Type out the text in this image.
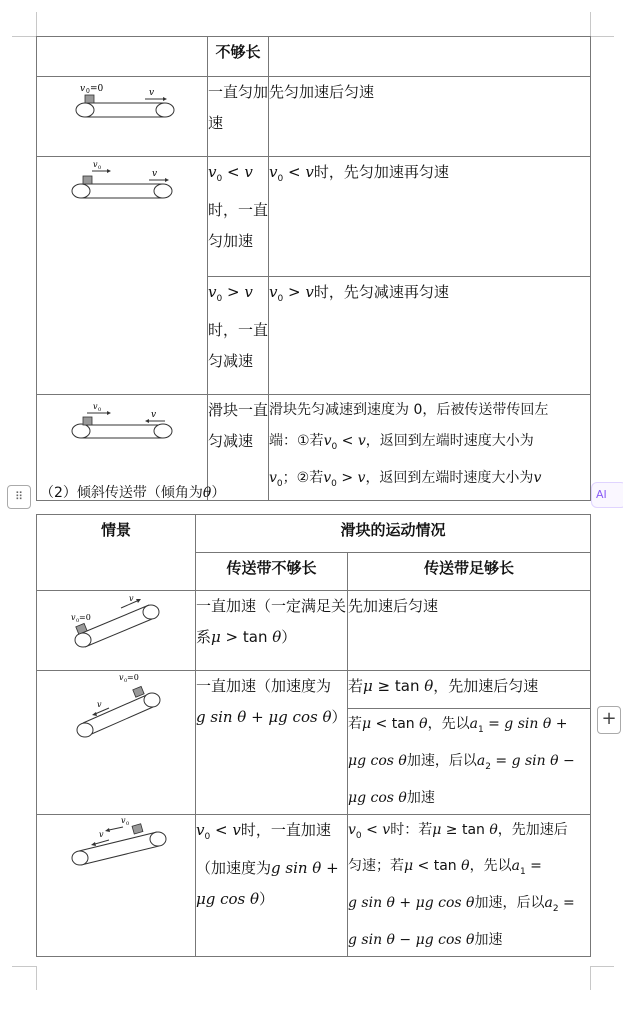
	不够长	

v 0 =0 v	一直匀加速	先匀加速后匀速

v 0
v	$v_0 < v$时，一直匀加速	$v_0 < v$时，先匀加速再匀速
	$v_0 > v$时，一直匀减速	$v_0 > v$时，先匀减速再匀速

v 0 v	滑块一直匀减速	滑块先匀减速到速度为 0，后被传送带传回左
端：①若$v_0 < v$，返回到左端时速度大小为
$v_0$；②若$v_0 > v$，返回到左端时速度大小为v
⠿	AI
+
（2）倾斜传送带（倾角为θ）
情景	滑块的运动情况	
	传送带不够长	传送带足够长

v 0 =0
v	一直加速（一定满足关系μ > tan θ）	先加速后匀速

v 0 =0
v	一直加速（加速度为
g sin θ + μg cos θ）	若μ ≥ tan θ，先加速后匀速
		若μ < tan θ，先以$a_1 = g$ sin θ +
μg cos θ加速，后以$a_2 = g$ sin θ −
μg cos θ加速

v 0
v	$v_0 < v$时，一直加速
（加速度为g sin θ +
μg cos θ）	$v_0 < v$时：若μ ≥ tan θ，先加速后
匀速；若μ < tan θ，先以$a_1$ =
g sin θ + μg cos θ加速，后以$a_2$ =
g sin θ − μg cos θ加速
